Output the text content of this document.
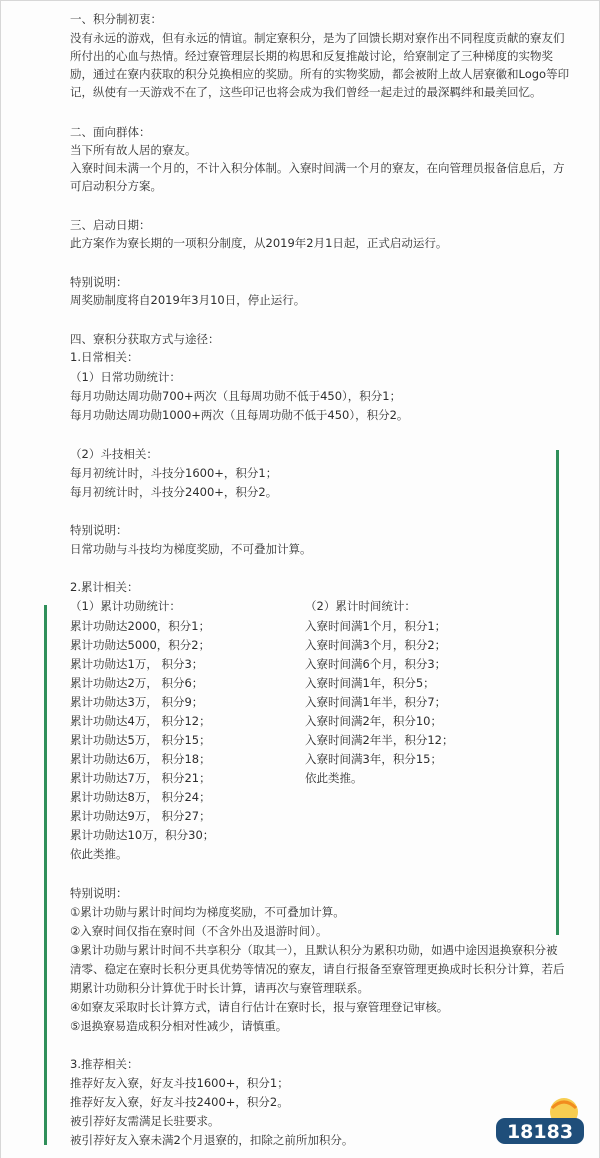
一、积分制初衷：
没有永远的游戏，但有永远的情谊。制定寮积分，是为了回馈长期对寮作出不同程度贡献的寮友们
所付出的心血与热情。经过寮管理层长期的构思和反复推敲讨论，给寮制定了三种梯度的实物奖
励，通过在寮内获取的积分兑换相应的奖励。所有的实物奖励，都会被附上故人居寮徽和Logo等印
记，纵使有一天游戏不在了，这些印记也将会成为我们曾经一起走过的最深羁绊和最美回忆。
二、面向群体：
当下所有故人居的寮友。
入寮时间未满一个月的，不计入积分体制。入寮时间满一个月的寮友，在向管理员报备信息后，方
可启动积分方案。
三、启动日期：
此方案作为寮长期的一项积分制度，从2019年2月1日起，正式启动运行。
特别说明：
周奖励制度将自2019年3月10日，停止运行。
四、寮积分获取方式与途径：
1.日常相关：
（1）日常功勋统计：
每月功勋达周功勋700+两次（且每周功勋不低于450），积分1；
每月功勋达周功勋1000+两次（且每周功勋不低于450），积分2。
（2）斗技相关：
每月初统计时，斗技分1600+，积分1；
每月初统计时，斗技分2400+，积分2。
特别说明：
日常功勋与斗技均为梯度奖励，不可叠加计算。
2.累计相关：
（1）累计功勋统计：	（2）累计时间统计：
累计功勋达2000，积分1；
累计功勋达5000，积分2；
累计功勋达1万， 积分3；
累计功勋达2万， 积分6；
累计功勋达3万， 积分9；
累计功勋达4万， 积分12；
累计功勋达5万， 积分15；
累计功勋达6万， 积分18；
累计功勋达7万， 积分21；
累计功勋达8万， 积分24；
累计功勋达9万， 积分27；
累计功勋达10万，积分30；
依此类推。
入寮时间满1个月，积分1；
入寮时间满3个月，积分2；
入寮时间满6个月，积分3；
入寮时间满1年，积分5；
入寮时间满1年半，积分7；
入寮时间满2年，积分10；
入寮时间满2年半，积分12；
入寮时间满3年，积分15；
依此类推。
特别说明：
①累计功勋与累计时间均为梯度奖励，不可叠加计算。
②入寮时间仅指在寮时间（不含外出及退游时间）。
③累计功勋与累计时间不共享积分（取其一），且默认积分为累积功勋，如遇中途因退换寮积分被
清零、稳定在寮时长积分更具优势等情况的寮友，请自行报备至寮管理更换成时长积分计算，若后
期累计功勋积分计算优于时长计算，请再次与寮管理联系。
④如寮友采取时长计算方式，请自行估计在寮时长，报与寮管理登记审核。
⑤退换寮易造成积分相对性减少，请慎重。
3.推荐相关：
推荐好友入寮，好友斗技1600+，积分1；
推荐好友入寮，好友斗技2400+，积分2。
被引荐好友需满足长驻要求。
被引荐好友入寮未满2个月退寮的，扣除之前所加积分。	18183
